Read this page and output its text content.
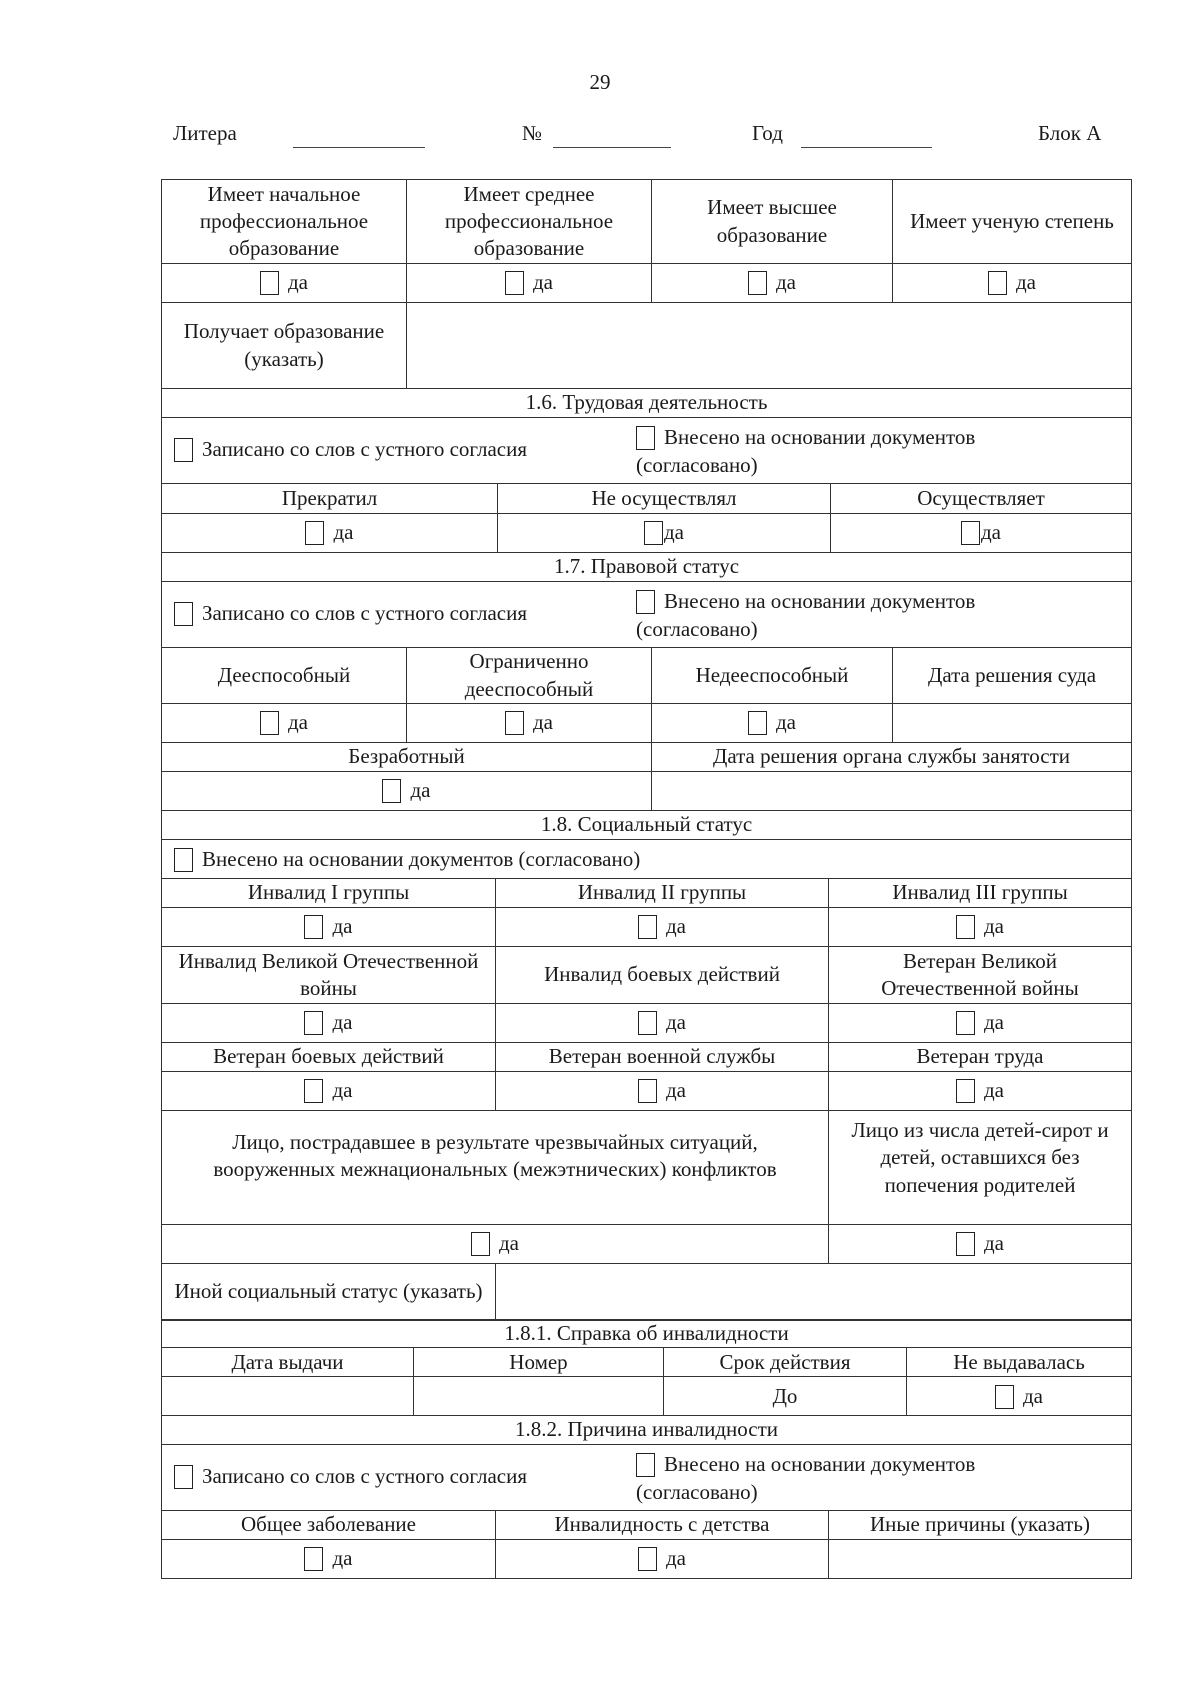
29
Литера	№	Год	Блок А
Имеет начальное профессиональное образование	Имеет среднее профессиональное образование	Имеет высшее образование	Имеет ученую степень
да	да	да	да
Получает образование (указать)			
1.6. Трудовая деятельность		

Записано со слов с устного согласия Внесено на основании документов
(согласовано)		

Прекратил	Не осуществлял	Осуществляет
да	да	да
1.7. Правовой статус			

Записано со слов с устного согласия Внесено на основании документов
(согласовано)			

Дееспособный	Ограниченно дееспособный	Недееспособный	Дата решения суда
да	да	да	
Безработный		Дата решения органа службы занятости	
да			
1.8. Социальный статус		

Внесено на основании документов (согласовано)		

Инвалид I группы	Инвалид II группы	Инвалид III группы
да	да	да
Инвалид Великой Отечественной войны	Инвалид боевых действий	Ветеран Великой Отечественной войны
да	да	да
Ветеран боевых действий	Ветеран военной службы	Ветеран труда
да	да	да
Лицо, пострадавшее в результате чрезвычайных ситуаций, вооруженных межнациональных (межэтнических) конфликтов		Лицо из числа детей-сирот и детей, оставшихся без попечения родителей
да		да
Иной социальный статус (указать)		
1.8.1. Справка об инвалидности			
Дата выдачи	Номер	Срок действия	Не выдавалась
		До	да
1.8.2. Причина инвалидности		

Записано со слов с устного согласия Внесено на основании документов
(согласовано)		

Общее заболевание	Инвалидность с детства	Иные причины (указать)
да	да	
